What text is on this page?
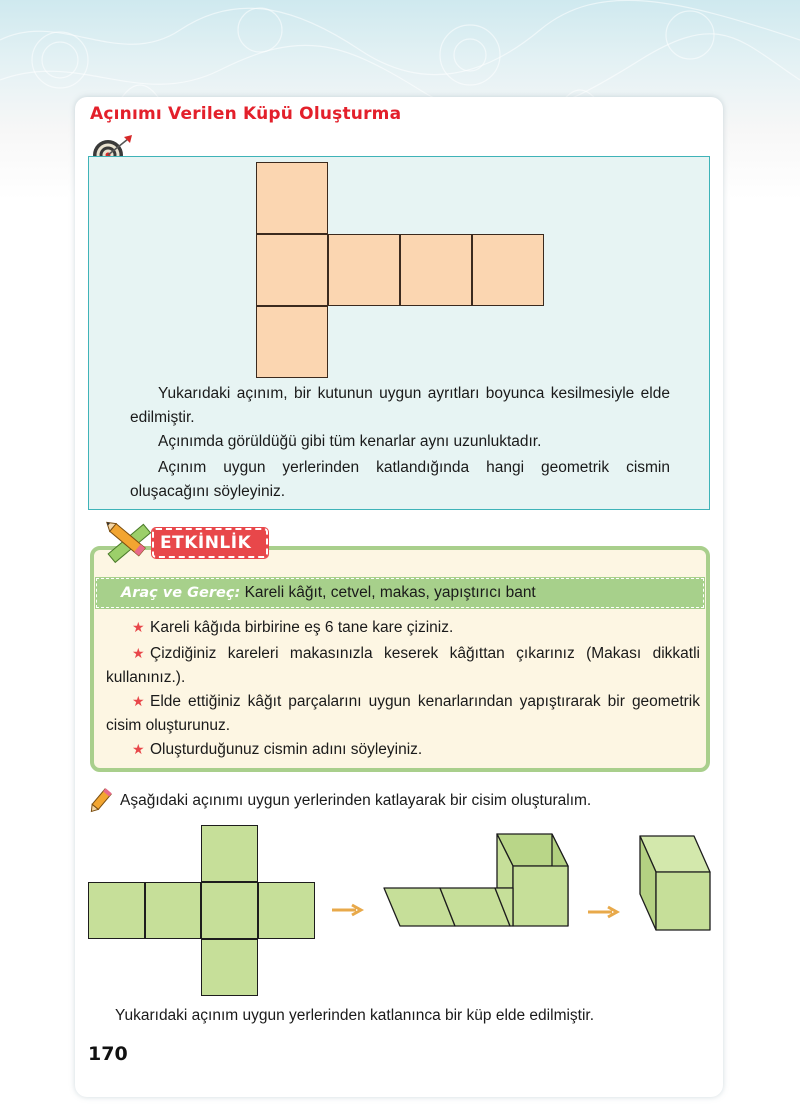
Açınımı Verilen Küpü Oluşturma

Yukarıdaki açınım, bir kutunun uygun ayrıtları boyunca kesilmesiyle elde edilmiştir.

Açınımda görüldüğü gibi tüm kenarlar aynı uzunluktadır.

Açınım uygun yerlerinden katlandığında hangi geometrik cismin oluşacağını söyleyiniz.

ETKİNLİK
Araç ve Gereç: Kareli kâğıt, cetvel, makas, yapıştırıcı bant

★ Kareli kâğıda birbirine eş 6 tane kare çiziniz.

★ Çizdiğiniz kareleri makasınızla keserek kâğıttan çıkarınız (Makası dikkatli kullanınız.).

★ Elde ettiğiniz kâğıt parçalarını uygun kenarlarından yapıştırarak bir geometrik cisim oluşturunuz.

★ Oluşturduğunuz cismin adını söyleyiniz.

Aşağıdaki açınımı uygun yerlerinden katlayarak bir cisim oluşturalım.

Yukarıdaki açınım uygun yerlerinden katlanınca bir küp elde edilmiştir.

170
